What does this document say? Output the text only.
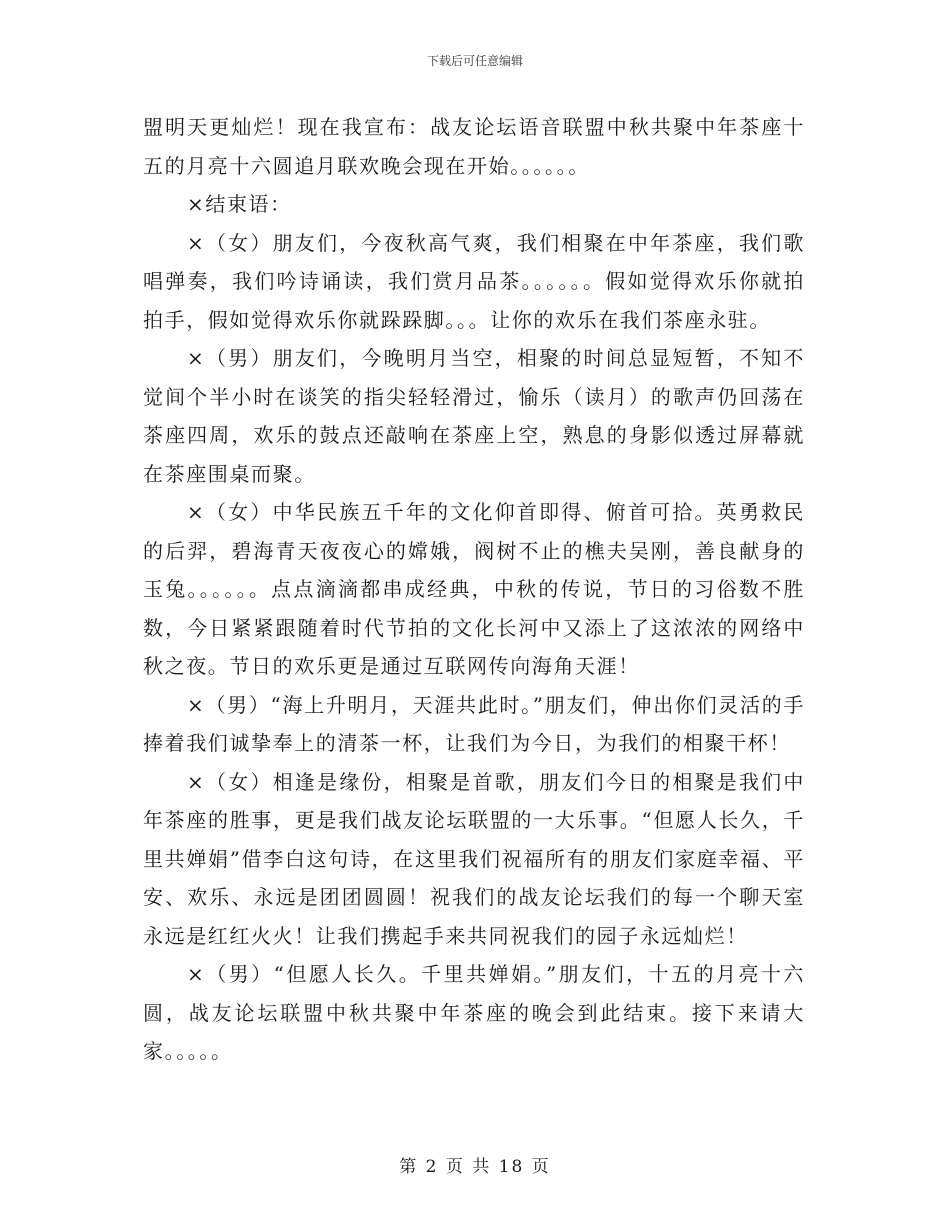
下载后可任意编辑

盟明天更灿烂！现在我宣布：战友论坛语音联盟中秋共聚中年茶座十五的月亮十六圆追月联欢晚会现在开始。。。。。。

×结束语：

×（女）朋友们，今夜秋高气爽，我们相聚在中年茶座，我们歌唱弹奏，我们吟诗诵读，我们赏月品茶。。。。。。假如觉得欢乐你就拍拍手，假如觉得欢乐你就跺跺脚。。。让你的欢乐在我们茶座永驻。

×（男）朋友们，今晚明月当空，相聚的时间总显短暂，不知不觉间个半小时在谈笑的指尖轻轻滑过，愉乐（读月）的歌声仍回荡在茶座四周，欢乐的鼓点还敲响在茶座上空，熟息的身影似透过屏幕就在茶座围桌而聚。

×（女）中华民族五千年的文化仰首即得、俯首可拾。英勇救民的后羿，碧海青天夜夜心的嫦娥，阀树不止的樵夫吴刚，善良献身的玉兔。。。。。。点点滴滴都串成经典，中秋的传说，节日的习俗数不胜数，今日紧紧跟随着时代节拍的文化长河中又添上了这浓浓的网络中秋之夜。节日的欢乐更是通过互联网传向海角天涯！

×（男）“海上升明月，天涯共此时。”朋友们，伸出你们灵活的手捧着我们诚挚奉上的清茶一杯，让我们为今日，为我们的相聚干杯！

×（女）相逢是缘份，相聚是首歌，朋友们今日的相聚是我们中年茶座的胜事，更是我们战友论坛联盟的一大乐事。“但愿人长久，千里共婵娟”借李白这句诗，在这里我们祝福所有的朋友们家庭幸福、平安、欢乐、永远是团团圆圆！祝我们的战友论坛我们的每一个聊天室永远是红红火火！让我们携起手来共同祝我们的园子永远灿烂！

×（男）“但愿人长久。千里共婵娟。”朋友们，十五的月亮十六圆，战友论坛联盟中秋共聚中年茶座的晚会到此结束。接下来请大家。。。。。

第 2 页 共 18 页
